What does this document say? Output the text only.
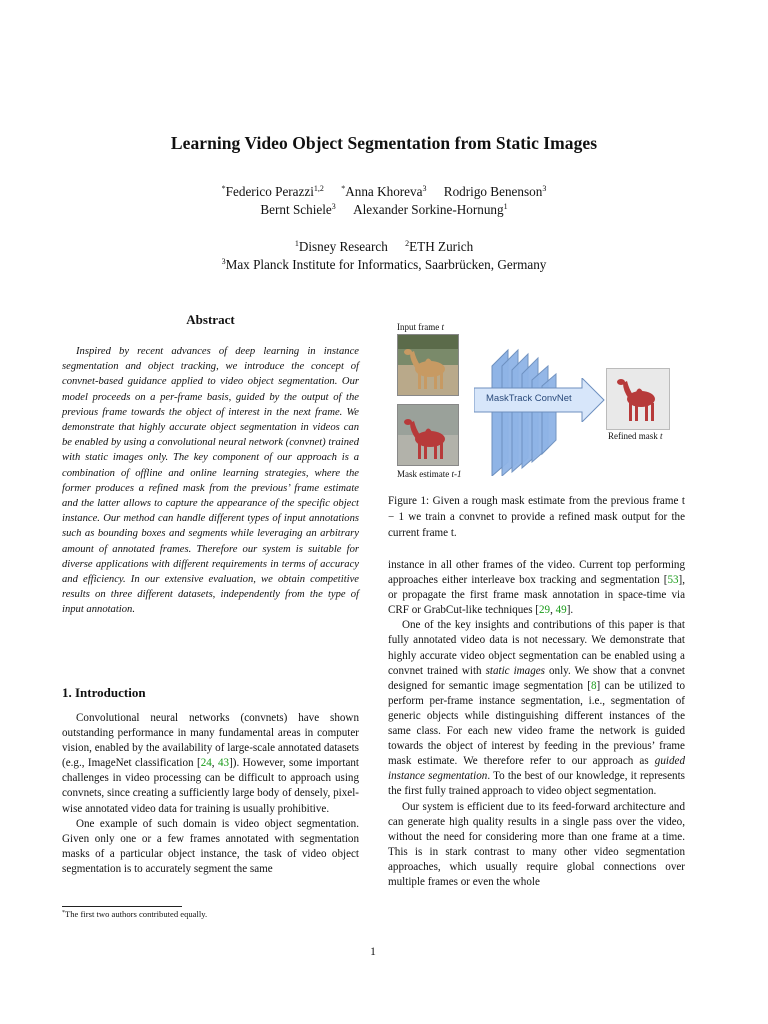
Learning Video Object Segmentation from Static Images
*Federico Perazzi$^{1,2}$ *Anna Khoreva$^3$ Rodrigo Benenson$^3$
Bernt Schiele$^3$ Alexander Sorkine-Hornung$^1$
$^1$Disney Research $^2$ETH Zurich
$^3$Max Planck Institute for Informatics, Saarbrücken, Germany
Abstract
Inspired by recent advances of deep learning in instance segmentation and object tracking, we introduce the concept of convnet-based guidance applied to video object segmentation. Our model proceeds on a per-frame basis, guided by the output of the previous frame towards the object of interest in the next frame. We demonstrate that highly accurate object segmentation in videos can be enabled by using a convolutional neural network (convnet) trained with static images only. The key component of our approach is a combination of offline and online learning strategies, where the former produces a refined mask from the previous’ frame estimate and the latter allows to capture the appearance of the specific object instance. Our method can handle different types of input annotations such as bounding boxes and segments while leveraging an arbitrary amount of annotated frames. Therefore our system is suitable for diverse applications with different requirements in terms of accuracy and efficiency. In our extensive evaluation, we obtain competitive results on three different datasets, independently from the type of input annotation.
1. Introduction

Convolutional neural networks (convnets) have shown outstanding performance in many fundamental areas in computer vision, enabled by the availability of large-scale annotated datasets (e.g., ImageNet classification [24, 43]). However, some important challenges in video processing can be difficult to approach using convnets, since creating a sufficiently large body of densely, pixel-wise annotated video data for training is usually prohibitive.

One example of such domain is video object segmentation. Given only one or a few frames annotated with segmentation masks of a particular object instance, the task of video object segmentation is to accurately segment the same

*The first two authors contributed equally.
Input frame t
Mask estimate t-1
MaskTrack ConvNet
Refined mask t
Figure 1: Given a rough mask estimate from the previous frame t − 1 we train a convnet to provide a refined mask output for the current frame t.

instance in all other frames of the video. Current top performing approaches either interleave box tracking and segmentation [53], or propagate the first frame mask annotation in space-time via CRF or GrabCut-like techniques [29, 49].

One of the key insights and contributions of this paper is that fully annotated video data is not necessary. We demonstrate that highly accurate video object segmentation can be enabled using a convnet trained with static images only. We show that a convnet designed for semantic image segmentation [8] can be utilized to perform per-frame instance segmentation, i.e., segmentation of generic objects while distinguishing different instances of the same class. For each new video frame the network is guided towards the object of interest by feeding in the previous’ frame mask estimate. We therefore refer to our approach as guided instance segmentation. To the best of our knowledge, it represents the first fully trained approach to video object segmentation.

Our system is efficient due to its feed-forward architecture and can generate high quality results in a single pass over the video, without the need for considering more than one frame at a time. This is in stark contrast to many other video segmentation approaches, which usually require global connections over multiple frames or even the whole

1
